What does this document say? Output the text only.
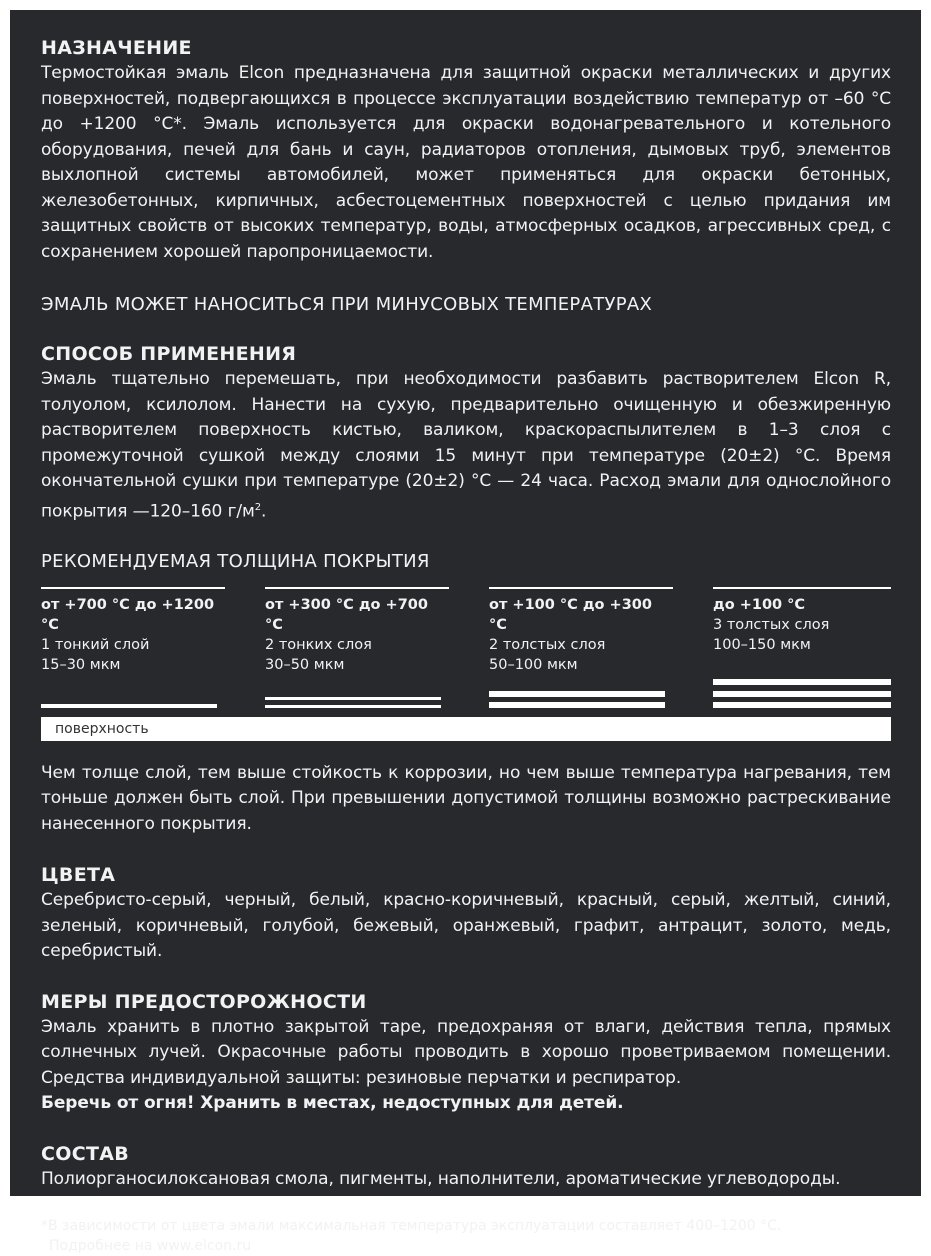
НАЗНАЧЕНИЕ

Термостойкая эмаль Elcon предназначена для защитной окраски металлических и других поверхностей, подвергающихся в процессе эксплуатации воздействию температур от –60 °С до +1200 °С*. Эмаль используется для окраски водонагревательного и котельного оборудования, печей для бань и саун, радиаторов отопления, дымовых труб, элементов выхлопной системы автомобилей, может применяться для окраски бетонных, железобетонных, кирпичных, асбестоцементных поверхностей с целью придания им защитных свойств от высоких температур, воды, атмосферных осадков, агрессивных сред, с сохранением хорошей паропроницаемости.

ЭМАЛЬ МОЖЕТ НАНОСИТЬСЯ ПРИ МИНУСОВЫХ ТЕМПЕРАТУРАХ

СПОСОБ ПРИМЕНЕНИЯ

Эмаль тщательно перемешать, при необходимости разбавить растворителем Elcon R, толуолом, ксилолом. Нанести на сухую, предварительно очищенную и обезжиренную растворителем поверхность кистью, валиком, краскораспылителем в 1–3 слоя с промежуточной сушкой между слоями 15 минут при температуре (20±2) °С. Время окончательной сушки при температуре (20±2) °С — 24 часа. Расход эмали для однослойного покрытия —120–160 $г/м^2$.

РЕКОМЕНДУЕМАЯ ТОЛЩИНА ПОКРЫТИЯ

от +700 °С до +1200 °С
1 тонкий слой
15–30 мкм
от +300 °С до +700 °С
2 тонких слоя
30–50 мкм
от +100 °С до +300 °С
2 толстых слоя
50–100 мкм
до +100 °С
3 толстых слоя
100–150 мкм
поверхность

Чем толще слой, тем выше стойкость к коррозии, но чем выше температура нагревания, тем тоньше должен быть слой. При превышении допустимой толщины возможно растрескивание нанесенного покрытия.

ЦВЕТА

Серебристо-серый, черный, белый, красно-коричневый, красный, серый, желтый, синий, зеленый, коричневый, голубой, бежевый, оранжевый, графит, антрацит, золото, медь, серебристый.

МЕРЫ ПРЕДОСТОРОЖНОСТИ

Эмаль хранить в плотно закрытой таре, предохраняя от влаги, действия тепла, прямых солнечных лучей. Окрасочные работы проводить в хорошо проветриваемом помещении. Средства индивидуальной защиты: резиновые перчатки и респиратор.

Беречь от огня! Хранить в местах, недоступных для детей.

СОСТАВ

Полиорганосилоксановая смола, пигменты, наполнители, ароматические углеводороды.

*В зависимости от цвета эмали максимальная температура эксплуатации составляет 400–1200 °С.

Подробнее на www.elcon.ru
